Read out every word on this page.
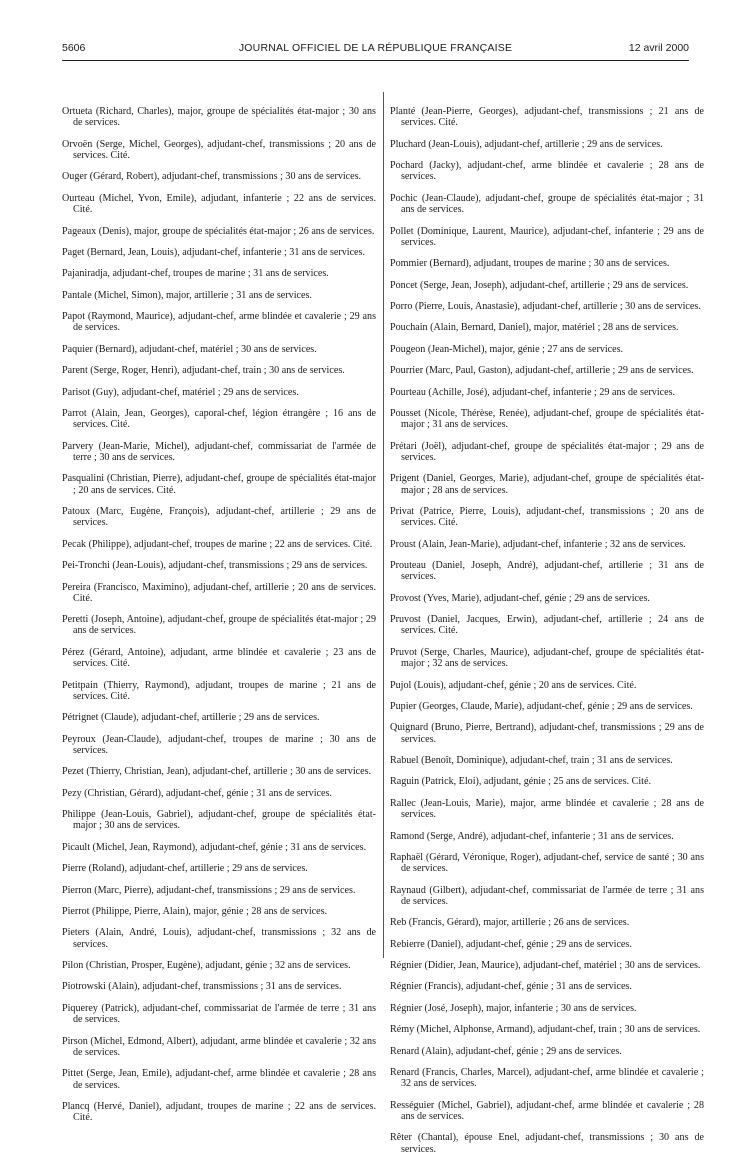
5606	JOURNAL OFFICIEL DE LA RÉPUBLIQUE FRANÇAISE	12 avril 2000

Ortueta (Richard, Charles), major, groupe de spécialités état-major ; 30 ans de services.

Orvoën (Serge, Michel, Georges), adjudant-chef, transmissions ; 20 ans de services. Cité.

Ouger (Gérard, Robert), adjudant-chef, transmissions ; 30 ans de services.

Ourteau (Michel, Yvon, Emile), adjudant, infanterie ; 22 ans de services. Cité.

Pageaux (Denis), major, groupe de spécialités état-major ; 26 ans de services.

Paget (Bernard, Jean, Louis), adjudant-chef, infanterie ; 31 ans de services.

Pajaniradja, adjudant-chef, troupes de marine ; 31 ans de services.

Pantale (Michel, Simon), major, artillerie ; 31 ans de services.

Papot (Raymond, Maurice), adjudant-chef, arme blindée et cavalerie ; 29 ans de services.

Paquier (Bernard), adjudant-chef, matériel ; 30 ans de services.

Parent (Serge, Roger, Henri), adjudant-chef, train ; 30 ans de services.

Parisot (Guy), adjudant-chef, matériel ; 29 ans de services.

Parrot (Alain, Jean, Georges), caporal-chef, légion étrangère ; 16 ans de services. Cité.

Parvery (Jean-Marie, Michel), adjudant-chef, commissariat de l'armée de terre ; 30 ans de services.

Pasqualini (Christian, Pierre), adjudant-chef, groupe de spécialités état-major ; 20 ans de services. Cité.

Patoux (Marc, Eugène, François), adjudant-chef, artillerie ; 29 ans de services.

Pecak (Philippe), adjudant-chef, troupes de marine ; 22 ans de services. Cité.

Pei-Tronchi (Jean-Louis), adjudant-chef, transmissions ; 29 ans de services.

Pereira (Francisco, Maximino), adjudant-chef, artillerie ; 20 ans de services. Cité.

Peretti (Joseph, Antoine), adjudant-chef, groupe de spécialités état-major ; 29 ans de services.

Pérez (Gérard, Antoine), adjudant, arme blindée et cavalerie ; 23 ans de services. Cité.

Petitpain (Thierry, Raymond), adjudant, troupes de marine ; 21 ans de services. Cité.

Pétrignet (Claude), adjudant-chef, artillerie ; 29 ans de services.

Peyroux (Jean-Claude), adjudant-chef, troupes de marine ; 30 ans de services.

Pezet (Thierry, Christian, Jean), adjudant-chef, artillerie ; 30 ans de services.

Pezy (Christian, Gérard), adjudant-chef, génie ; 31 ans de services.

Philippe (Jean-Louis, Gabriel), adjudant-chef, groupe de spécialités état-major ; 30 ans de services.

Picault (Michel, Jean, Raymond), adjudant-chef, génie ; 31 ans de services.

Pierre (Roland), adjudant-chef, artillerie ; 29 ans de services.

Pierron (Marc, Pierre), adjudant-chef, transmissions ; 29 ans de services.

Pierrot (Philippe, Pierre, Alain), major, génie ; 28 ans de services.

Pieters (Alain, André, Louis), adjudant-chef, transmissions ; 32 ans de services.

Pilon (Christian, Prosper, Eugène), adjudant, génie ; 32 ans de services.

Piotrowski (Alain), adjudant-chef, transmissions ; 31 ans de services.

Piquerey (Patrick), adjudant-chef, commissariat de l'armée de terre ; 31 ans de services.

Pirson (Michel, Edmond, Albert), adjudant, arme blindée et cavalerie ; 32 ans de services.

Pittet (Serge, Jean, Emile), adjudant-chef, arme blindée et cavalerie ; 28 ans de services.

Plancq (Hervé, Daniel), adjudant, troupes de marine ; 22 ans de services. Cité.

Planté (Jean-Pierre, Georges), adjudant-chef, transmissions ; 21 ans de services. Cité.

Pluchard (Jean-Louis), adjudant-chef, artillerie ; 29 ans de services.

Pochard (Jacky), adjudant-chef, arme blindée et cavalerie ; 28 ans de services.

Pochic (Jean-Claude), adjudant-chef, groupe de spécialités état-major ; 31 ans de services.

Pollet (Dominique, Laurent, Maurice), adjudant-chef, infanterie ; 29 ans de services.

Pommier (Bernard), adjudant, troupes de marine ; 30 ans de services.

Poncet (Serge, Jean, Joseph), adjudant-chef, artillerie ; 29 ans de services.

Porro (Pierre, Louis, Anastasie), adjudant-chef, artillerie ; 30 ans de services.

Pouchain (Alain, Bernard, Daniel), major, matériel ; 28 ans de services.

Pougeon (Jean-Michel), major, génie ; 27 ans de services.

Pourrier (Marc, Paul, Gaston), adjudant-chef, artillerie ; 29 ans de services.

Pourteau (Achille, José), adjudant-chef, infanterie ; 29 ans de services.

Pousset (Nicole, Thérèse, Renée), adjudant-chef, groupe de spécialités état-major ; 31 ans de services.

Prétari (Joël), adjudant-chef, groupe de spécialités état-major ; 29 ans de services.

Prigent (Daniel, Georges, Marie), adjudant-chef, groupe de spécialités état-major ; 28 ans de services.

Privat (Patrice, Pierre, Louis), adjudant-chef, transmissions ; 20 ans de services. Cité.

Proust (Alain, Jean-Marie), adjudant-chef, infanterie ; 32 ans de services.

Prouteau (Daniel, Joseph, André), adjudant-chef, artillerie ; 31 ans de services.

Provost (Yves, Marie), adjudant-chef, génie ; 29 ans de services.

Pruvost (Daniel, Jacques, Erwin), adjudant-chef, artillerie ; 24 ans de services. Cité.

Pruvot (Serge, Charles, Maurice), adjudant-chef, groupe de spécialités état-major ; 32 ans de services.

Pujol (Louis), adjudant-chef, génie ; 20 ans de services. Cité.

Pupier (Georges, Claude, Marie), adjudant-chef, génie ; 29 ans de services.

Quignard (Bruno, Pierre, Bertrand), adjudant-chef, transmissions ; 29 ans de services.

Rabuel (Benoît, Dominique), adjudant-chef, train ; 31 ans de services.

Raguin (Patrick, Eloi), adjudant, génie ; 25 ans de services. Cité.

Rallec (Jean-Louis, Marie), major, arme blindée et cavalerie ; 28 ans de services.

Ramond (Serge, André), adjudant-chef, infanterie ; 31 ans de services.

Raphaël (Gérard, Véronique, Roger), adjudant-chef, service de santé ; 30 ans de services.

Raynaud (Gilbert), adjudant-chef, commissariat de l'armée de terre ; 31 ans de services.

Reb (Francis, Gérard), major, artillerie ; 26 ans de services.

Rebierre (Daniel), adjudant-chef, génie ; 29 ans de services.

Régnier (Didier, Jean, Maurice), adjudant-chef, matériel ; 30 ans de services.

Régnier (Francis), adjudant-chef, génie ; 31 ans de services.

Régnier (José, Joseph), major, infanterie ; 30 ans de services.

Rémy (Michel, Alphonse, Armand), adjudant-chef, train ; 30 ans de services.

Renard (Alain), adjudant-chef, génie ; 29 ans de services.

Renard (Francis, Charles, Marcel), adjudant-chef, arme blindée et cavalerie ; 32 ans de services.

Rességuier (Michel, Gabriel), adjudant-chef, arme blindée et cavalerie ; 28 ans de services.

Rêter (Chantal), épouse Enel, adjudant-chef, transmissions ; 30 ans de services.
